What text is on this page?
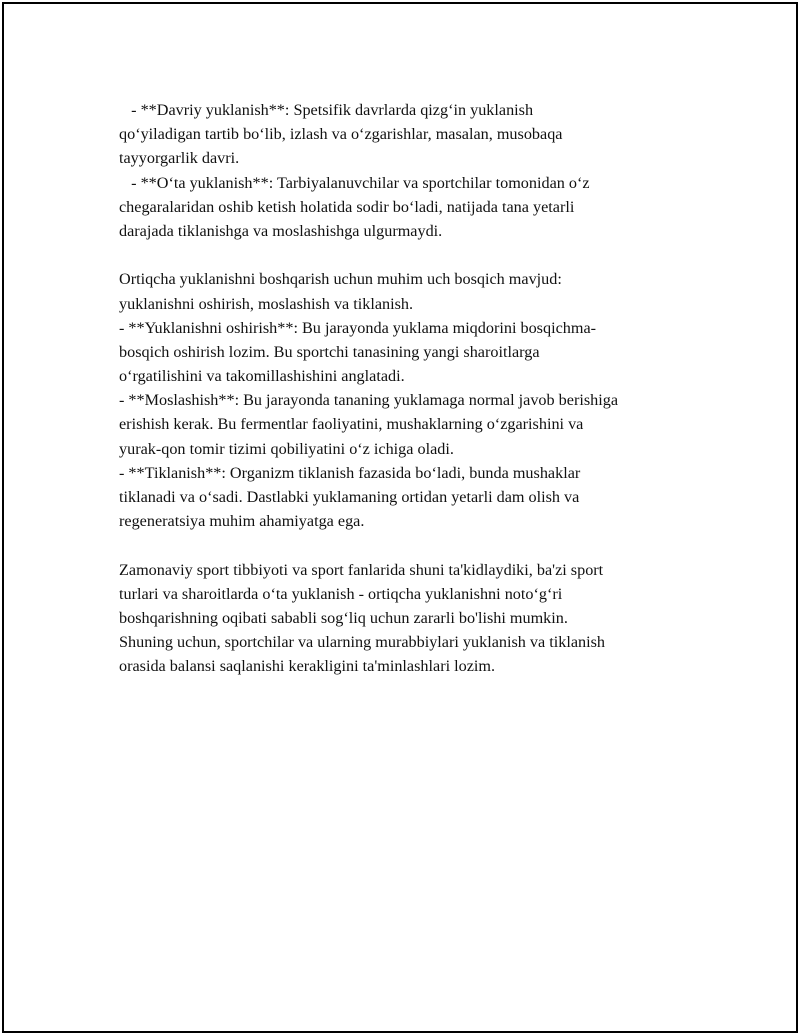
- **Davriy yuklanish**: Spetsifik davrlarda qizg‘in yuklanish
qo‘yiladigan tartib bo‘lib, izlash va o‘zgarishlar, masalan, musobaqa
tayyorgarlik davri.
- **O‘ta yuklanish**: Tarbiyalanuvchilar va sportchilar tomonidan o‘z
chegaralaridan oshib ketish holatida sodir bo‘ladi, natijada tana yetarli
darajada tiklanishga va moslashishga ulgurmaydi.
Ortiqcha yuklanishni boshqarish uchun muhim uch bosqich mavjud:
yuklanishni oshirish, moslashish va tiklanish.
- **Yuklanishni oshirish**: Bu jarayonda yuklama miqdorini bosqichma-
bosqich oshirish lozim. Bu sportchi tanasining yangi sharoitlarga
o‘rgatilishini va takomillashishini anglatadi.
- **Moslashish**: Bu jarayonda tananing yuklamaga normal javob berishiga
erishish kerak. Bu fermentlar faoliyatini, mushaklarning o‘zgarishini va
yurak-qon tomir tizimi qobiliyatini o‘z ichiga oladi.
- **Tiklanish**: Organizm tiklanish fazasida bo‘ladi, bunda mushaklar
tiklanadi va o‘sadi. Dastlabki yuklamaning ortidan yetarli dam olish va
regeneratsiya muhim ahamiyatga ega.
Zamonaviy sport tibbiyoti va sport fanlarida shuni ta'kidlaydiki, ba'zi sport
turlari va sharoitlarda o‘ta yuklanish - ortiqcha yuklanishni noto‘g‘ri
boshqarishning oqibati sababli sog‘liq uchun zararli bo'lishi mumkin.
Shuning uchun, sportchilar va ularning murabbiylari yuklanish va tiklanish
orasida balansi saqlanishi kerakligini ta'minlashlari lozim.
